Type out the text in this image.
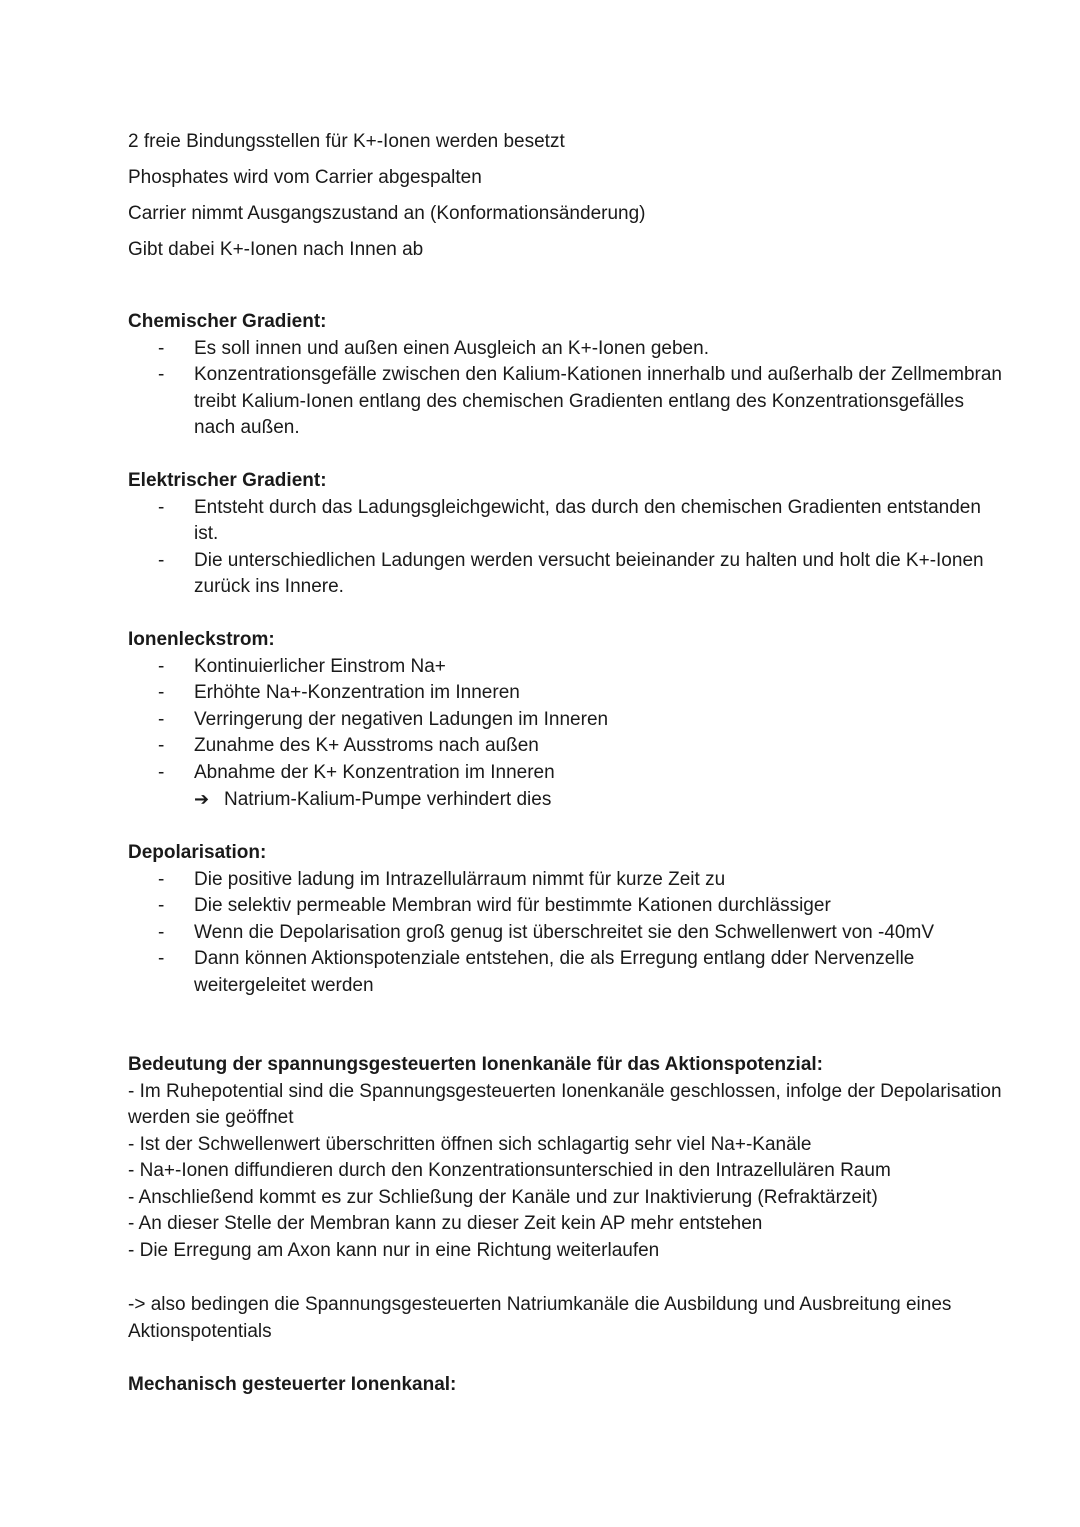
2 freie Bindungsstellen für K+-Ionen werden besetzt

Phosphates wird vom Carrier abgespalten

Carrier nimmt Ausgangszustand an (Konformationsänderung)

Gibt dabei K+-Ionen nach Innen ab

Chemischer Gradient:

- Es soll innen und außen einen Ausgleich an K+-Ionen geben.
- Konzentrationsgefälle zwischen den Kalium-Kationen innerhalb und außerhalb der Zellmembran treibt Kalium-Ionen entlang des chemischen Gradienten entlang des Konzentrationsgefälles nach außen.

Elektrischer Gradient:

- Entsteht durch das Ladungsgleichgewicht, das durch den chemischen Gradienten entstanden ist.
- Die unterschiedlichen Ladungen werden versucht beieinander zu halten und holt die K+-Ionen zurück ins Innere.

Ionenleckstrom:

- Kontinuierlicher Einstrom Na+
- Erhöhte Na+-Konzentration im Inneren
- Verringerung der negativen Ladungen im Inneren
- Zunahme des K+ Ausstroms nach außen
- Abnahme der K+ Konzentration im Inneren
➔ Natrium-Kalium-Pumpe verhindert dies

Depolarisation:

- Die positive ladung im Intrazellulärraum nimmt für kurze Zeit zu
- Die selektiv permeable Membran wird für bestimmte Kationen durchlässiger
- Wenn die Depolarisation groß genug ist überschreitet sie den Schwellenwert von -40mV
- Dann können Aktionspotenziale entstehen, die als Erregung entlang dder Nervenzelle weitergeleitet werden

Bedeutung der spannungsgesteuerten Ionenkanäle für das Aktionspotenzial:

- Im Ruhepotential sind die Spannungsgesteuerten Ionenkanäle geschlossen, infolge der Depolarisation werden sie geöffnet

- Ist der Schwellenwert überschritten öffnen sich schlagartig sehr viel Na+-Kanäle

- Na+-Ionen diffundieren durch den Konzentrationsunterschied in den Intrazellulären Raum

- Anschließend kommt es zur Schließung der Kanäle und zur Inaktivierung (Refraktärzeit)

- An dieser Stelle der Membran kann zu dieser Zeit kein AP mehr entstehen

- Die Erregung am Axon kann nur in eine Richtung weiterlaufen

-> also bedingen die Spannungsgesteuerten Natriumkanäle die Ausbildung und Ausbreitung eines Aktionspotentials

Mechanisch gesteuerter Ionenkanal:
